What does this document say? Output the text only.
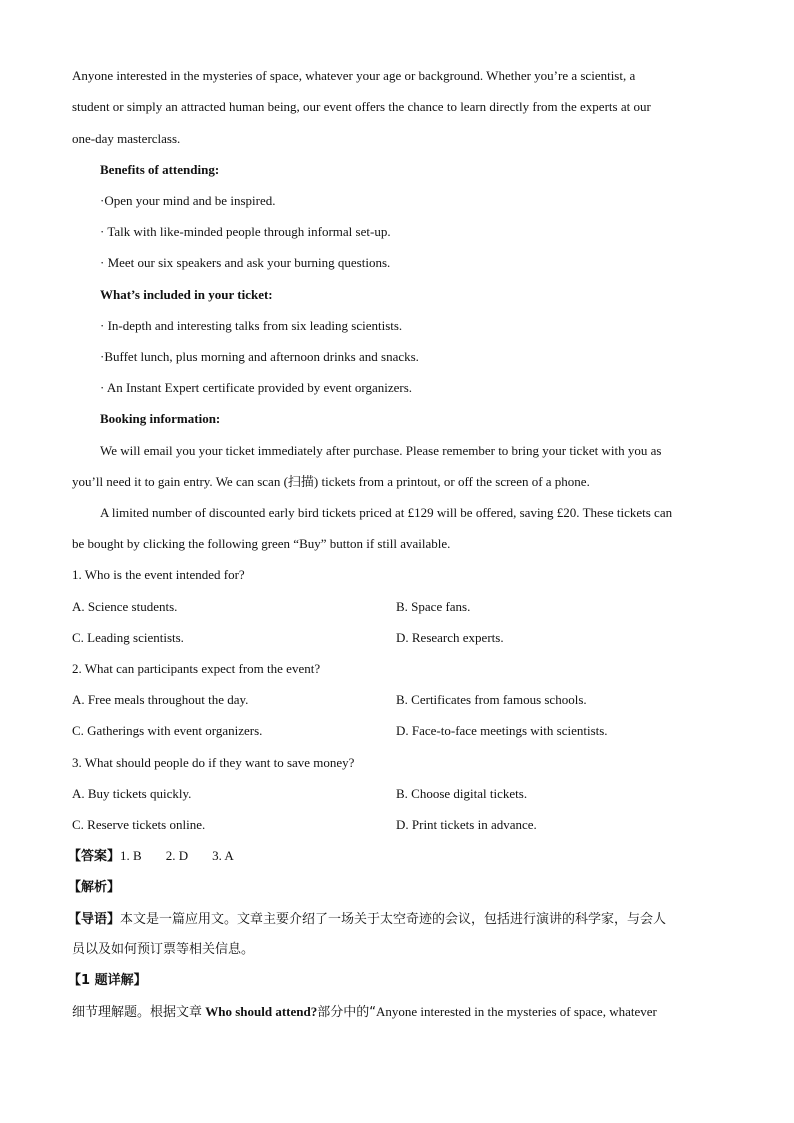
Anyone interested in the mysteries of space, whatever your age or background. Whether you’re a scientist, a
student or simply an attracted human being, our event offers the chance to learn directly from the experts at our
one-day masterclass.
Benefits of attending:
·Open your mind and be inspired.
· Talk with like-minded people through informal set-up.
· Meet our six speakers and ask your burning questions.
What’s included in your ticket:
· In-depth and interesting talks from six leading scientists.
·Buffet lunch, plus morning and afternoon drinks and snacks.
· An Instant Expert certificate provided by event organizers.
Booking information:
We will email you your ticket immediately after purchase. Please remember to bring your ticket with you as
you’ll need it to gain entry. We can scan (扫描) tickets from a printout, or off the screen of a phone.
A limited number of discounted early bird tickets priced at £129 will be offered, saving £20. These tickets can
be bought by clicking the following green “Buy” button if still available.
1. Who is the event intended for?
A. Science students.	B. Space fans.
C. Leading scientists.	D. Research experts.
2. What can participants expect from the event?
A. Free meals throughout the day.	B. Certificates from famous schools.
C. Gatherings with event organizers.	D. Face-to-face meetings with scientists.
3. What should people do if they want to save money?
A. Buy tickets quickly.	B. Choose digital tickets.
C. Reserve tickets online.	D. Print tickets in advance.
【答案】1. B 2. D 3. A
【解析】
【导语】本文是一篇应用文。文章主要介绍了一场关于太空奇迹的会议，包括进行演讲的科学家，与会人
员以及如何预订票等相关信息。
【1 题详解】
细节理解题。根据文章 Who should attend?部分中的“Anyone interested in the mysteries of space, whatever
